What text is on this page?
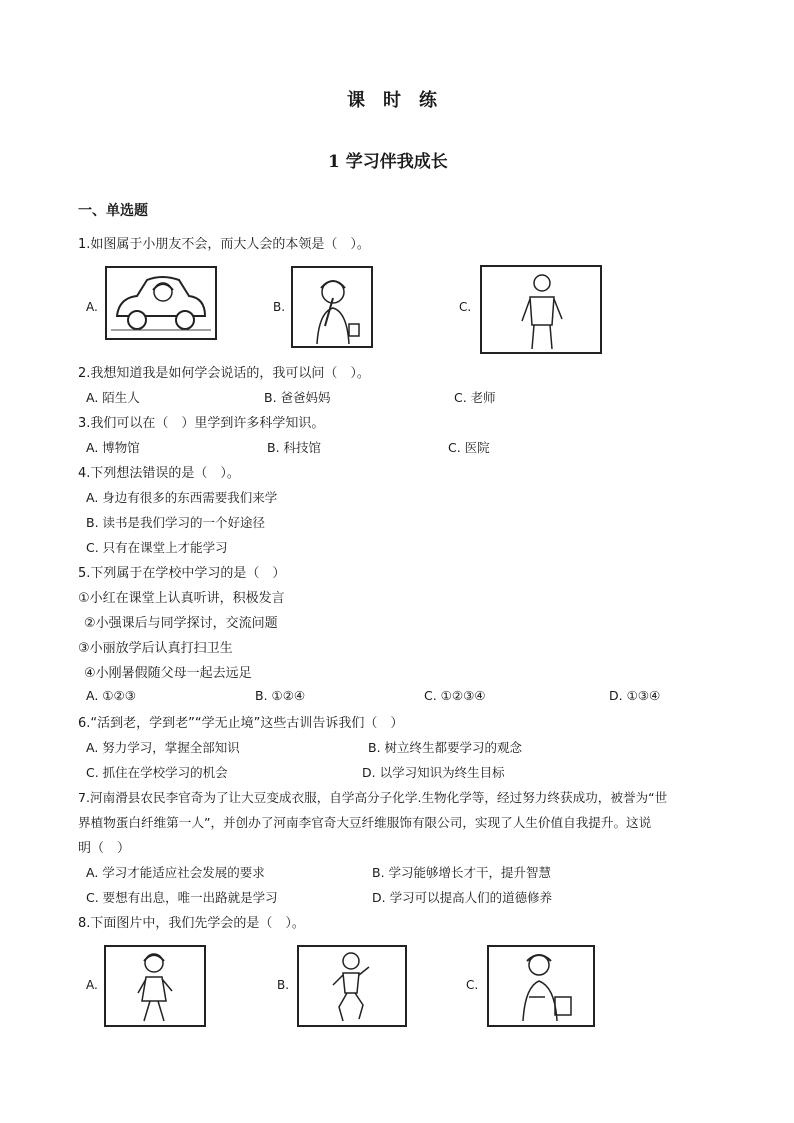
课　时　练
1 学习伴我成长
一、单选题
1.如图属于小朋友不会，而大人会的本领是（　）。
A.	B.	C.
2.我想知道我是如何学会说话的，我可以问（　）。
A. 陌生人	B. 爸爸妈妈	C. 老师
3.我们可以在（　）里学到许多科学知识。
A. 博物馆	B. 科技馆	C. 医院
4.下列想法错误的是（　）。
A. 身边有很多的东西需要我们来学
B. 读书是我们学习的一个好途径
C. 只有在课堂上才能学习
5.下列属于在学校中学习的是（　）
①小红在课堂上认真听讲，积极发言
②小强课后与同学探讨，交流问题
③小丽放学后认真打扫卫生
④小刚暑假随父母一起去远足
A. ①②③	B. ①②④	C. ①②③④	D. ①③④
6.“活到老，学到老”“学无止境”这些古训告诉我们（　）
A. 努力学习，掌握全部知识	B. 树立终生都要学习的观念
C. 抓住在学校学习的机会	D. 以学习知识为终生目标
7.河南滑县农民李官奇为了让大豆变成衣服，自学高分子化学.生物化学等，经过努力终获成功，被誉为“世
界植物蛋白纤维第一人”，并创办了河南李官奇大豆纤维服饰有限公司，实现了人生价值自我提升。这说
明（　）
A. 学习才能适应社会发展的要求	B. 学习能够增长才干，提升智慧
C. 要想有出息，唯一出路就是学习	D. 学习可以提高人们的道德修养
8.下面图片中，我们先学会的是（　）。
A.	B.	C.
